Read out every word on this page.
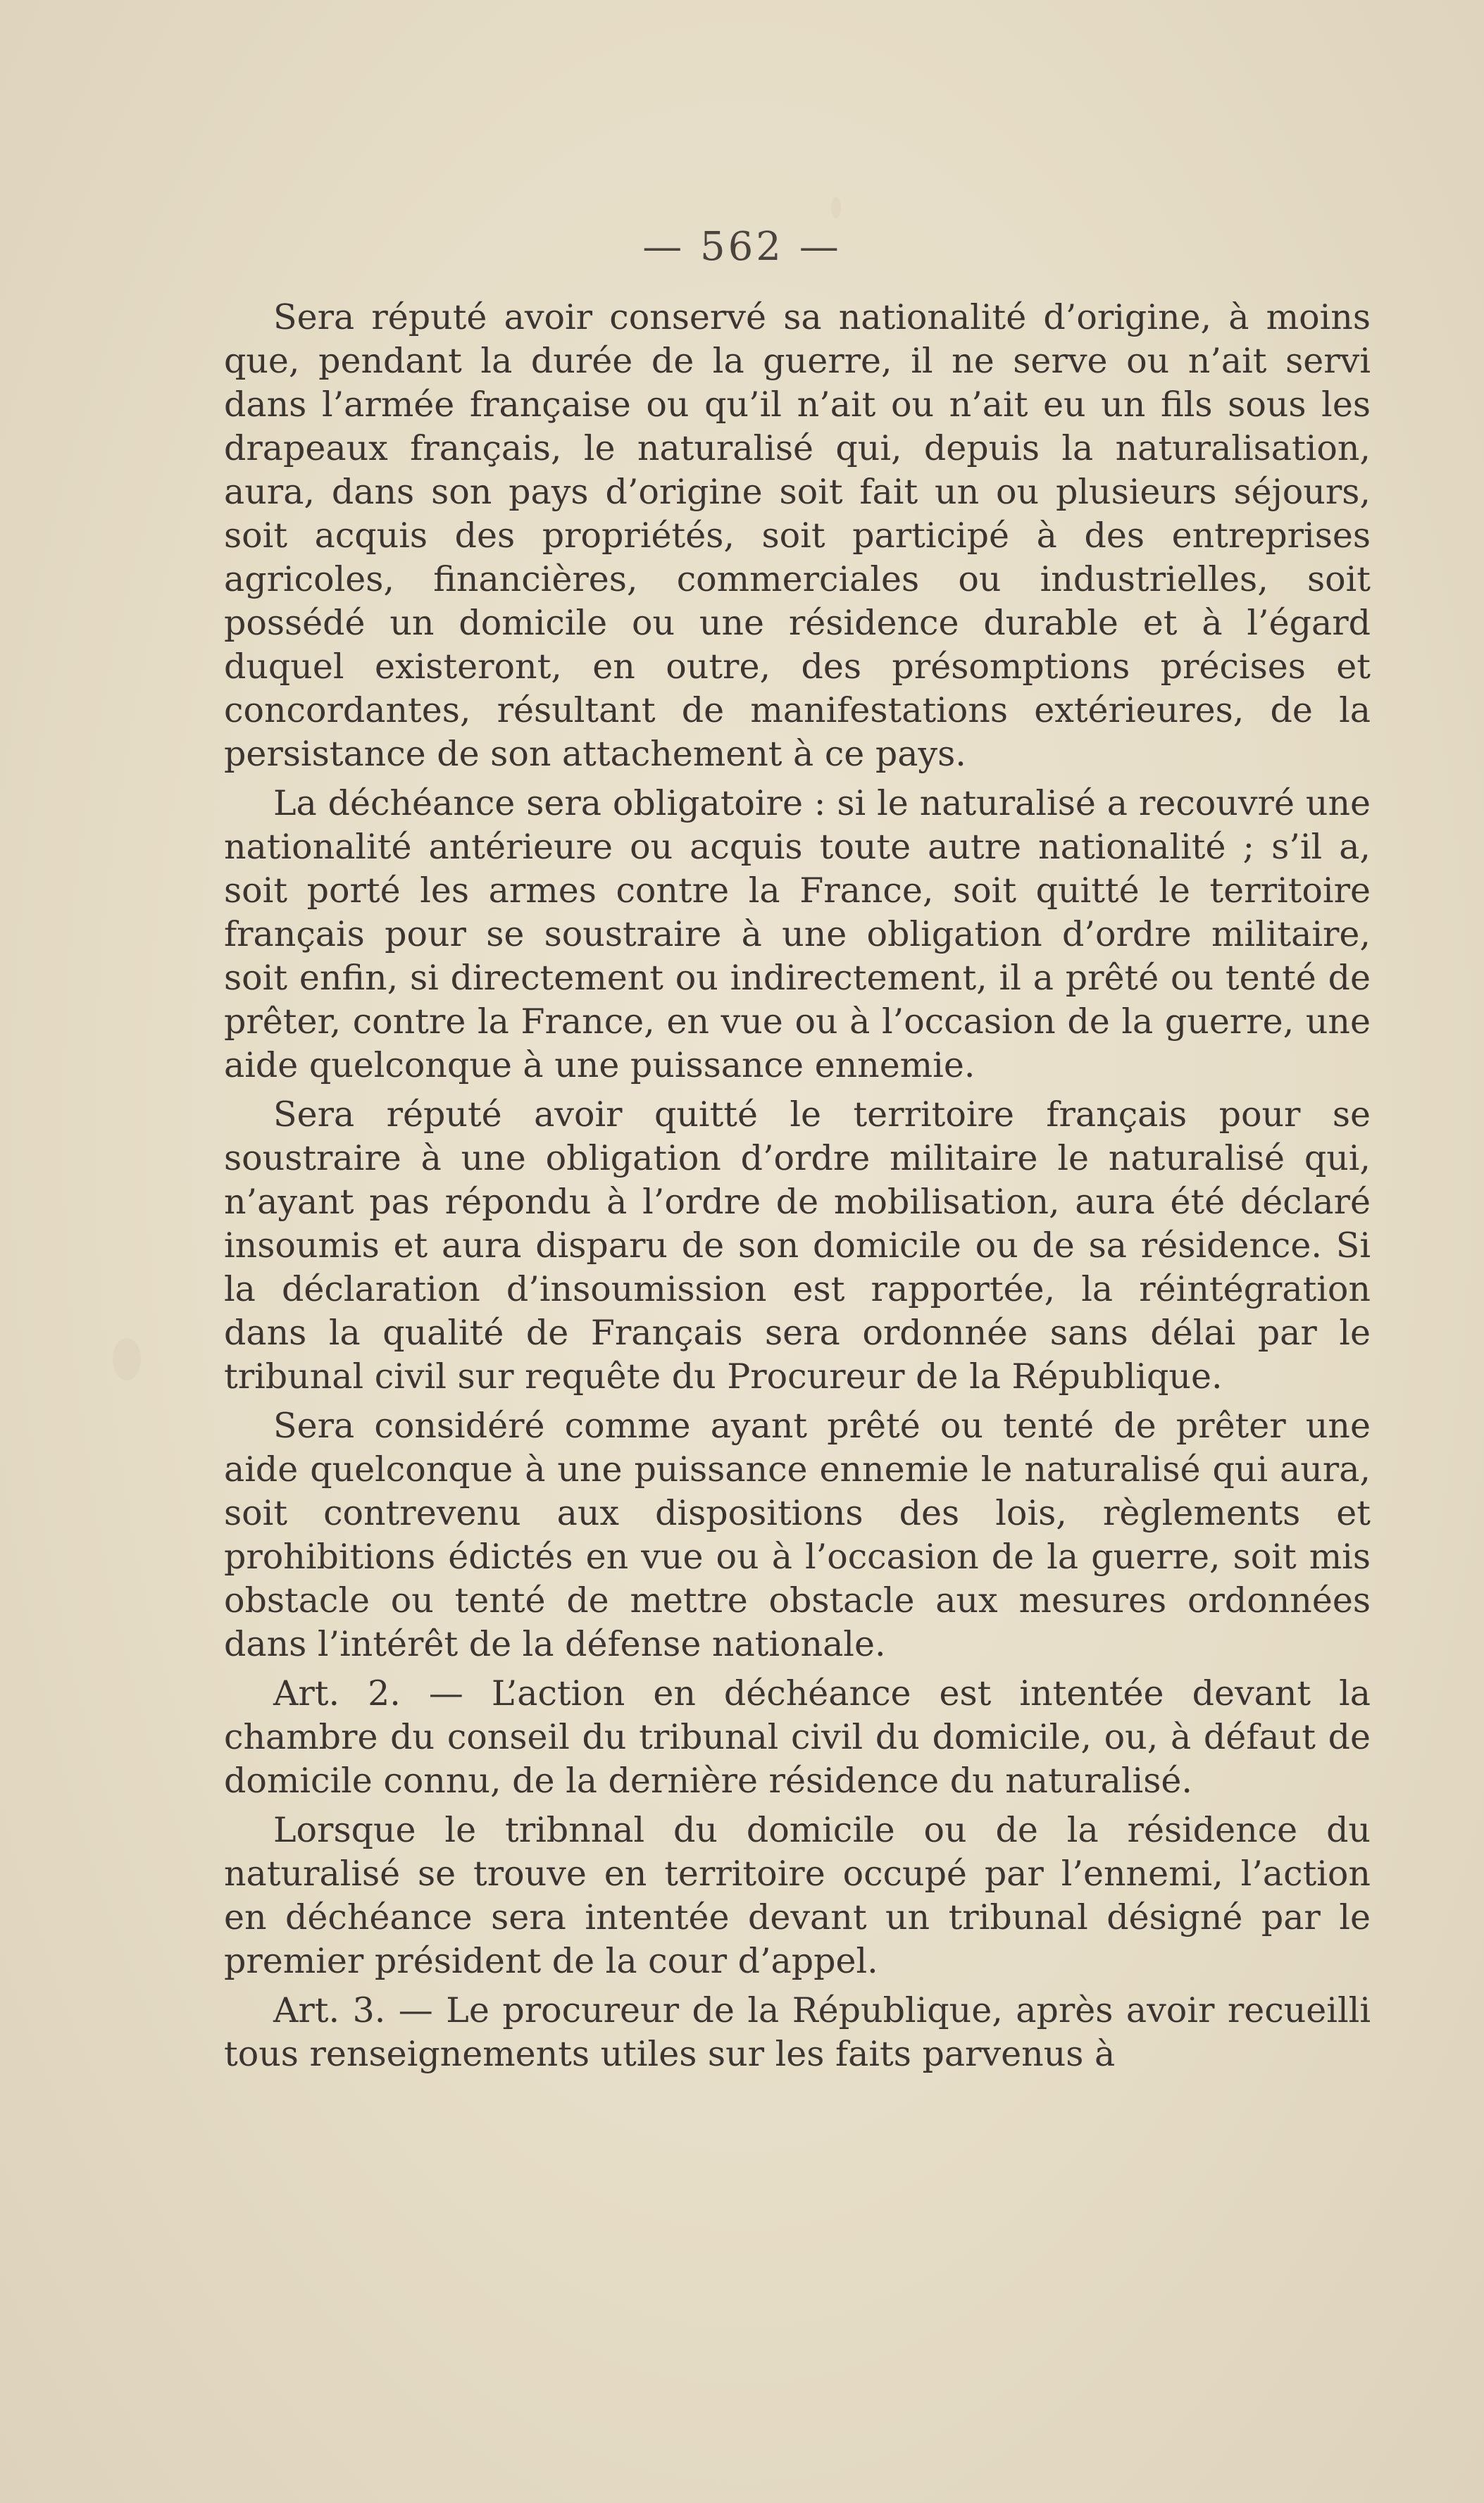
— 562 —

Sera réputé avoir conservé sa nationalité d’origine, à moins que, pendant la durée de la guerre, il ne serve ou n’ait servi dans l’armée française ou qu’il n’ait ou n’ait eu un fils sous les drapeaux français, le naturalisé qui, depuis la naturalisation, aura, dans son pays d’origine soit fait un ou plusieurs séjours, soit acquis des propriétés, soit participé à des entreprises agricoles, financières, commerciales ou industrielles, soit possédé un domicile ou une résidence durable et à l’égard duquel existeront, en outre, des présomptions précises et concordantes, résultant de manifestations extérieures, de la persistance de son attachement à ce pays.

La déchéance sera obligatoire : si le naturalisé a recouvré une nationalité antérieure ou acquis toute autre nationalité ; s’il a, soit porté les armes contre la France, soit quitté le territoire français pour se soustraire à une obligation d’ordre militaire, soit enfin, si directement ou indirectement, il a prêté ou tenté de prêter, contre la France, en vue ou à l’occasion de la guerre, une aide quelconque à une puissance ennemie.

Sera réputé avoir quitté le territoire français pour se soustraire à une obligation d’ordre militaire le naturalisé qui, n’ayant pas répondu à l’ordre de mobilisation, aura été déclaré insoumis et aura disparu de son domicile ou de sa résidence. Si la déclaration d’insoumission est rapportée, la réintégration dans la qualité de Français sera ordonnée sans délai par le tribunal civil sur requête du Procureur de la République.

Sera considéré comme ayant prêté ou tenté de prêter une aide quelconque à une puissance ennemie le naturalisé qui aura, soit contrevenu aux dispositions des lois, règlements et prohibitions édictés en vue ou à l’occasion de la guerre, soit mis obstacle ou tenté de mettre obstacle aux mesures ordonnées dans l’intérêt de la défense nationale.

Art. 2. — L’action en déchéance est intentée devant la chambre du conseil du tribunal civil du domicile, ou, à défaut de domicile connu, de la dernière résidence du naturalisé.

Lorsque le tribnnal du domicile ou de la résidence du naturalisé se trouve en territoire occupé par l’ennemi, l’action en déchéance sera intentée devant un tribunal désigné par le premier président de la cour d’appel.

Art. 3. — Le procureur de la République, après avoir recueilli tous renseignements utiles sur les faits parvenus à
